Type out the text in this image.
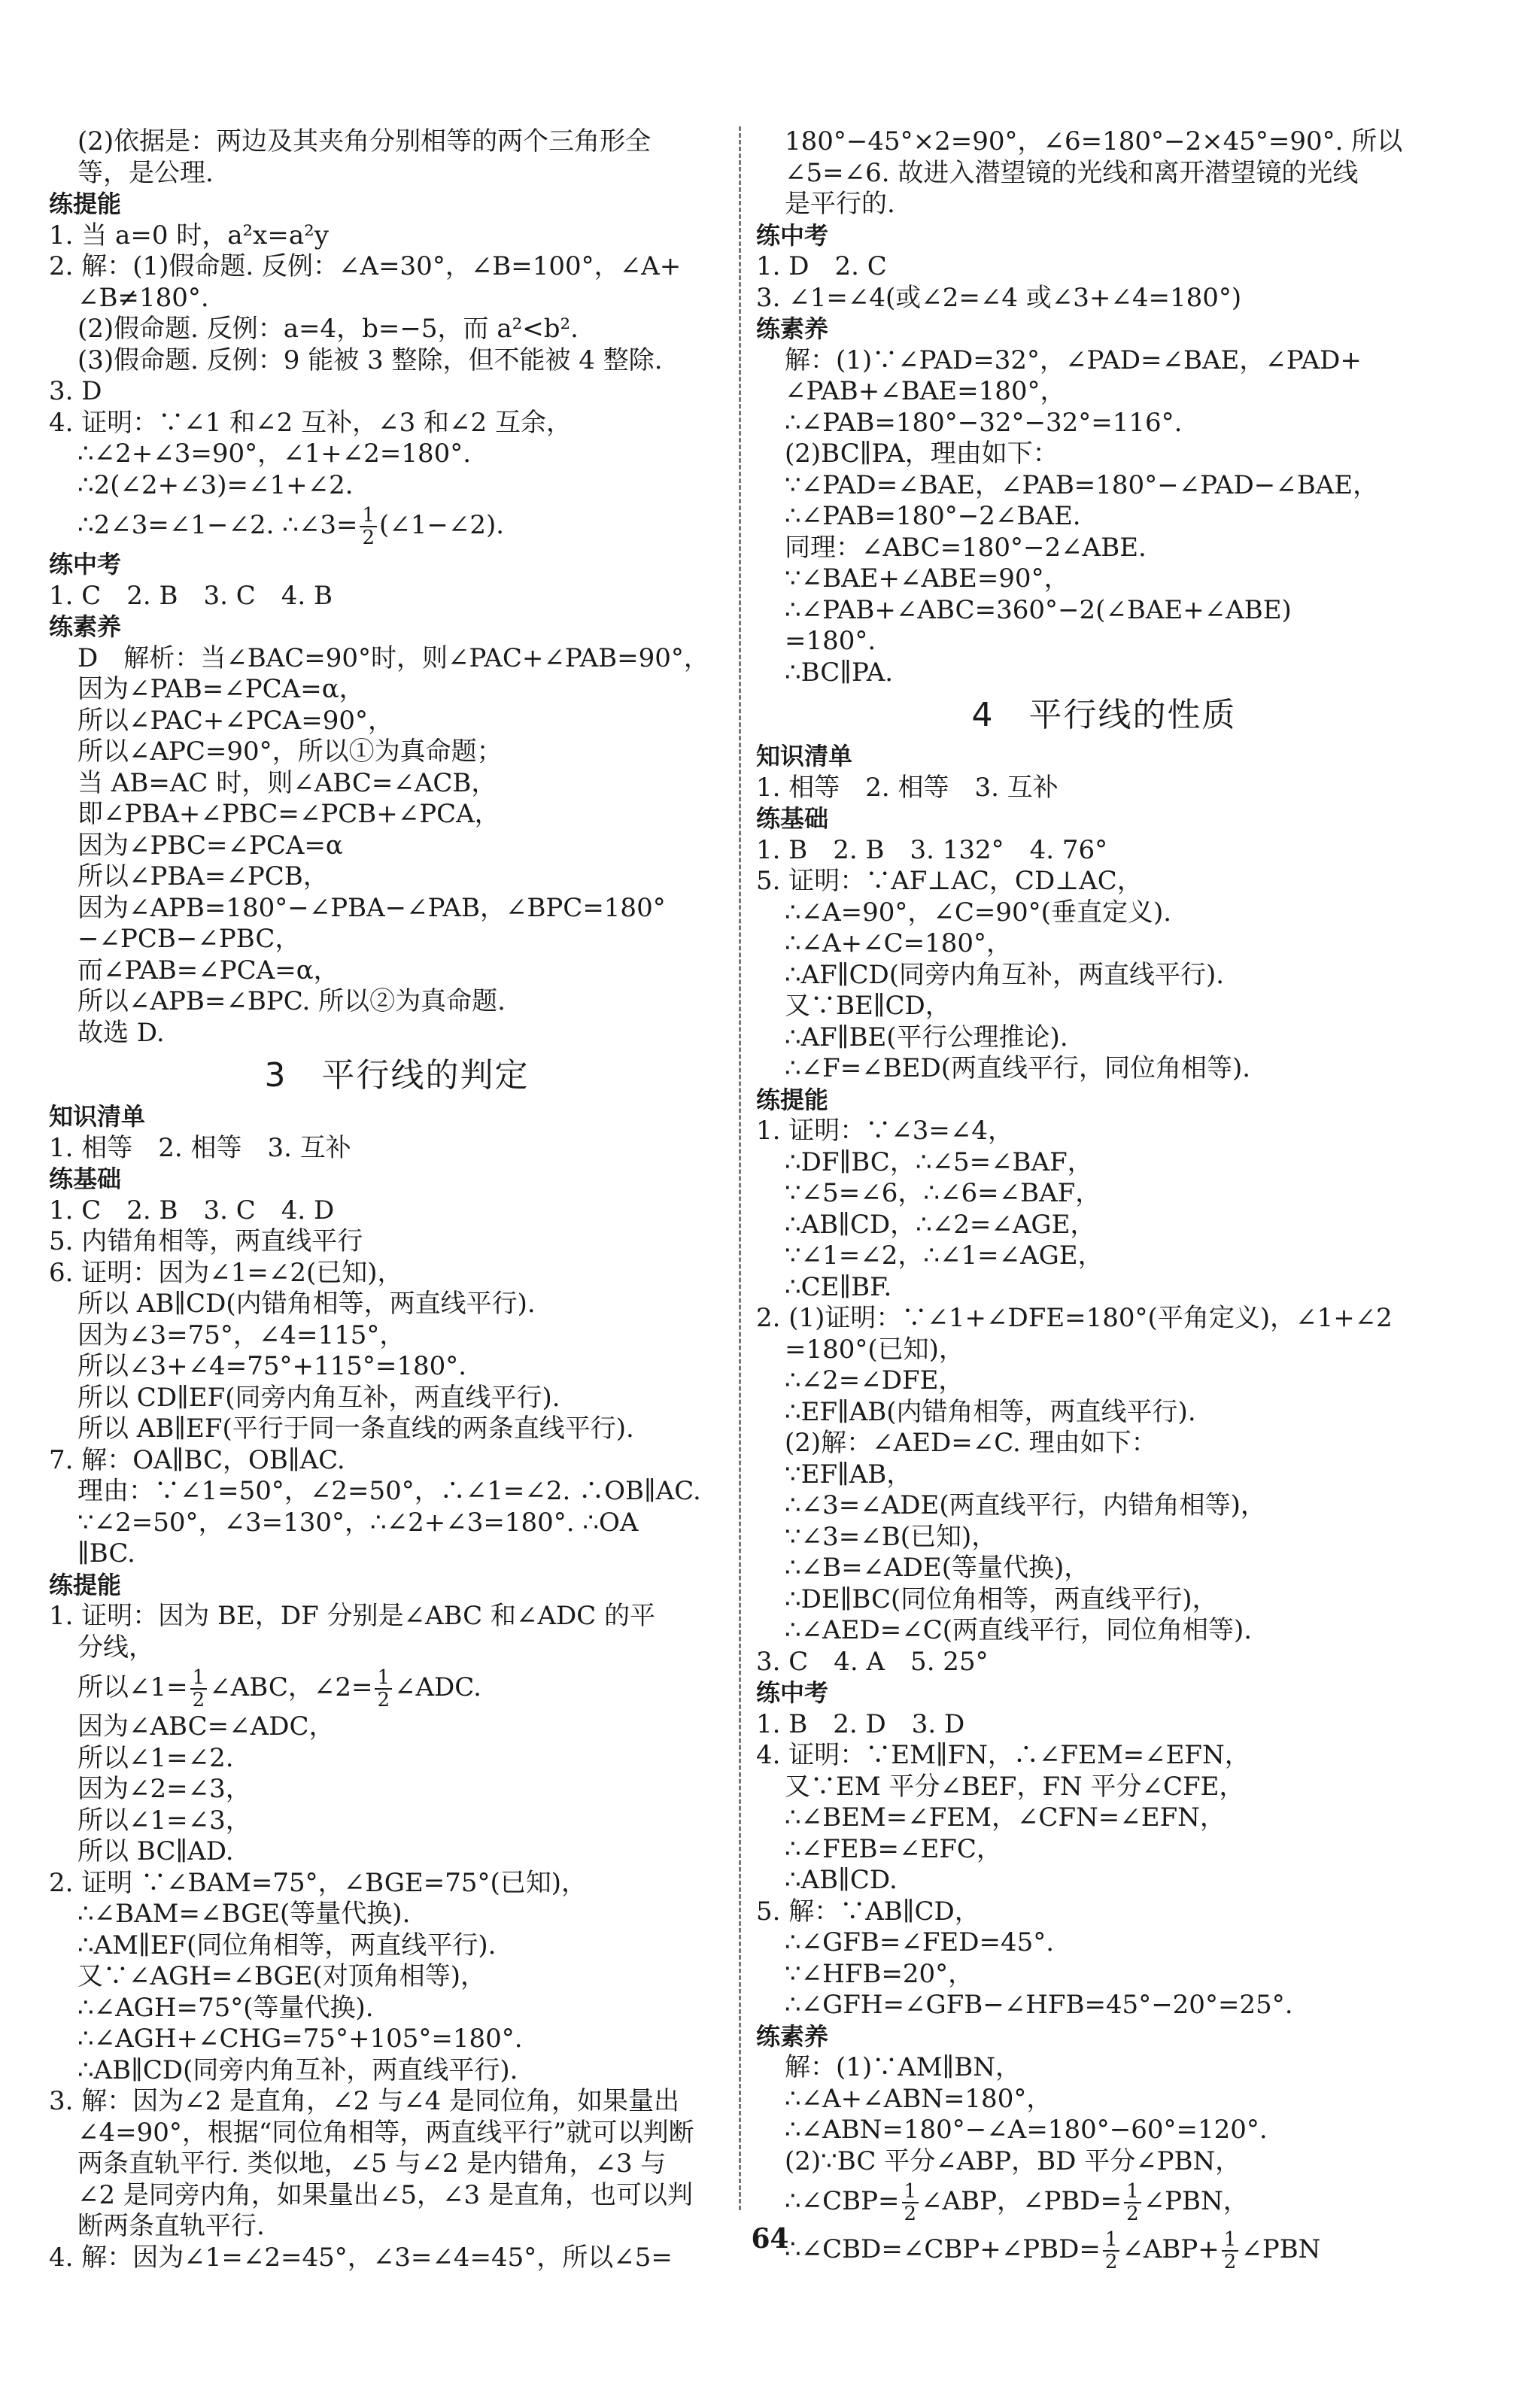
(2)依据是：两边及其夹角分别相等的两个三角形全
等，是公理.
练提能
1. 当 a=0 时，a²x=a²y
2. 解：(1)假命题. 反例：∠A=30°，∠B=100°，∠A+
∠B≠180°.
(2)假命题. 反例：a=4，b=−5，而 a²<b².
(3)假命题. 反例：9 能被 3 整除，但不能被 4 整除.
3. D
4. 证明：∵∠1 和∠2 互补，∠3 和∠2 互余，
∴∠2+∠3=90°，∠1+∠2=180°.
∴2(∠2+∠3)=∠1+∠2.
∴2∠3=∠1−∠2. ∴∠3= $\frac{1}{2}$ (∠1−∠2).
练中考
1. C　2. B　3. C　4. B
练素养
D　解析：当∠BAC=90°时，则∠PAC+∠PAB=90°，
因为∠PAB=∠PCA=α，
所以∠PAC+∠PCA=90°，
所以∠APC=90°，所以①为真命题；
当 AB=AC 时，则∠ABC=∠ACB，
即∠PBA+∠PBC=∠PCB+∠PCA，
因为∠PBC=∠PCA=α
所以∠PBA=∠PCB，
因为∠APB=180°−∠PBA−∠PAB，∠BPC=180°
−∠PCB−∠PBC，
而∠PAB=∠PCA=α，
所以∠APB=∠BPC. 所以②为真命题.
故选 D.
3　平行线的判定
知识清单
1. 相等　2. 相等　3. 互补
练基础
1. C　2. B　3. C　4. D
5. 内错角相等，两直线平行
6. 证明：因为∠1=∠2(已知)，
所以 AB∥CD(内错角相等，两直线平行).
因为∠3=75°，∠4=115°，
所以∠3+∠4=75°+115°=180°.
所以 CD∥EF(同旁内角互补，两直线平行).
所以 AB∥EF(平行于同一条直线的两条直线平行).
7. 解：OA∥BC，OB∥AC.
理由：∵∠1=50°，∠2=50°，∴∠1=∠2. ∴OB∥AC.
∵∠2=50°，∠3=130°，∴∠2+∠3=180°. ∴OA
∥BC.
练提能
1. 证明：因为 BE，DF 分别是∠ABC 和∠ADC 的平
分线，
所以∠1= $\frac{1}{2}$ ∠ABC，∠2= $\frac{1}{2}$ ∠ADC.
因为∠ABC=∠ADC，
所以∠1=∠2.
因为∠2=∠3，
所以∠1=∠3，
所以 BC∥AD.
2. 证明 ∵∠BAM=75°，∠BGE=75°(已知)，
∴∠BAM=∠BGE(等量代换).
∴AM∥EF(同位角相等，两直线平行).
又∵∠AGH=∠BGE(对顶角相等)，
∴∠AGH=75°(等量代换).
∴∠AGH+∠CHG=75°+105°=180°.
∴AB∥CD(同旁内角互补，两直线平行).
3. 解：因为∠2 是直角，∠2 与∠4 是同位角，如果量出
∠4=90°，根据“同位角相等，两直线平行”就可以判断
两条直轨平行. 类似地，∠5 与∠2 是内错角，∠3 与
∠2 是同旁内角，如果量出∠5，∠3 是直角，也可以判
断两条直轨平行.
4. 解：因为∠1=∠2=45°，∠3=∠4=45°，所以∠5=
180°−45°×2=90°，∠6=180°−2×45°=90°. 所以
∠5=∠6. 故进入潜望镜的光线和离开潜望镜的光线
是平行的.
练中考
1. D　2. C
3. ∠1=∠4(或∠2=∠4 或∠3+∠4=180°)
练素养
解：(1)∵∠PAD=32°，∠PAD=∠BAE，∠PAD+
∠PAB+∠BAE=180°，
∴∠PAB=180°−32°−32°=116°.
(2)BC∥PA，理由如下：
∵∠PAD=∠BAE，∠PAB=180°−∠PAD−∠BAE，
∴∠PAB=180°−2∠BAE.
同理：∠ABC=180°−2∠ABE.
∵∠BAE+∠ABE=90°，
∴∠PAB+∠ABC=360°−2(∠BAE+∠ABE)
=180°.
∴BC∥PA.
4　平行线的性质
知识清单
1. 相等　2. 相等　3. 互补
练基础
1. B　2. B　3. 132°　4. 76°
5. 证明：∵AF⊥AC，CD⊥AC，
∴∠A=90°，∠C=90°(垂直定义).
∴∠A+∠C=180°，
∴AF∥CD(同旁内角互补，两直线平行).
又∵BE∥CD，
∴AF∥BE(平行公理推论).
∴∠F=∠BED(两直线平行，同位角相等).
练提能
1. 证明：∵∠3=∠4，
∴DF∥BC，∴∠5=∠BAF，
∵∠5=∠6，∴∠6=∠BAF，
∴AB∥CD，∴∠2=∠AGE，
∵∠1=∠2，∴∠1=∠AGE，
∴CE∥BF.
2. (1)证明：∵∠1+∠DFE=180°(平角定义)，∠1+∠2
=180°(已知)，
∴∠2=∠DFE，
∴EF∥AB(内错角相等，两直线平行).
(2)解：∠AED=∠C. 理由如下：
∵EF∥AB，
∴∠3=∠ADE(两直线平行，内错角相等)，
∵∠3=∠B(已知)，
∴∠B=∠ADE(等量代换)，
∴DE∥BC(同位角相等，两直线平行)，
∴∠AED=∠C(两直线平行，同位角相等).
3. C　4. A　5. 25°
练中考
1. B　2. D　3. D
4. 证明：∵EM∥FN，∴∠FEM=∠EFN，
又∵EM 平分∠BEF，FN 平分∠CFE，
∴∠BEM=∠FEM，∠CFN=∠EFN，
∴∠FEB=∠EFC，
∴AB∥CD.
5. 解：∵AB∥CD，
∴∠GFB=∠FED=45°.
∵∠HFB=20°，
∴∠GFH=∠GFB−∠HFB=45°−20°=25°.
练素养
解：(1)∵AM∥BN，
∴∠A+∠ABN=180°，
∴∠ABN=180°−∠A=180°−60°=120°.
(2)∵BC 平分∠ABP，BD 平分∠PBN，
∴∠CBP= $\frac{1}{2}$ ∠ABP，∠PBD= $\frac{1}{2}$ ∠PBN，
∴∠CBD=∠CBP+∠PBD= $\frac{1}{2}$ ∠ABP+ $\frac{1}{2}$ ∠PBN
64
